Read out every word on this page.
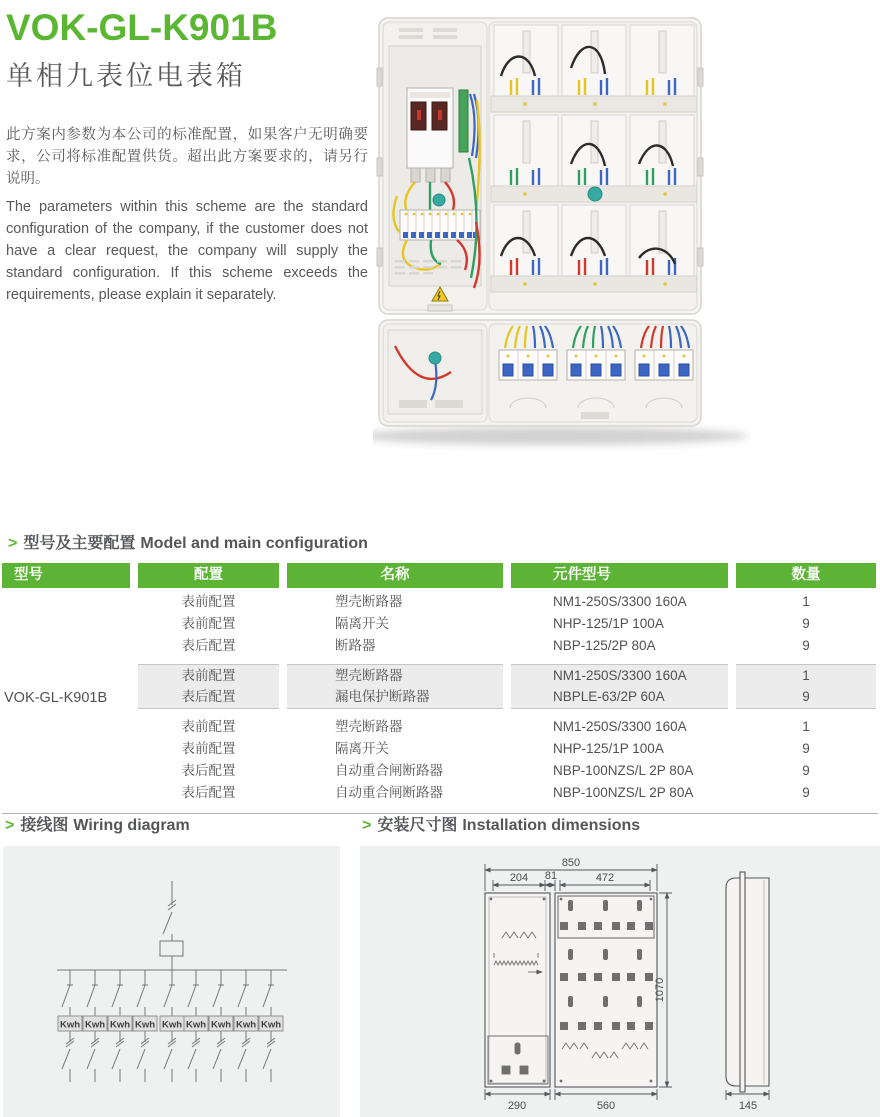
VOK-GL-K901B
单相九表位电表箱
此方案内参数为本公司的标准配置，如果客户无明确要求，公司将标准配置供货。超出此方案要求的，请另行说明。
The parameters within this scheme are the standard configuration of the company, if the customer does not have a clear request, the company will supply the standard configuration. If this scheme exceeds the requirements, please explain it separately.
> 型号及主要配置 Model and main configuration
型号	配置	名称	元件型号	数量
VOK-GL-K901B
表前配置	塑壳断路器	NM1-250S/3300 160A	1
表前配置	隔离开关	NHP-125/1P 100A	9
表后配置	断路器	NBP-125/2P 80A	9
表前配置	塑壳断路器	NM1-250S/3300 160A	1
表后配置	漏电保护断路器	NBPLE-63/2P 60A	9
表前配置	塑壳断路器	NM1-250S/3300 160A	1
表前配置	隔离开关	NHP-125/1P 100A	9
表后配置	自动重合闸断路器	NBP-100NZS/L 2P 80A	9
表后配置	自动重合闸断路器	NBP-100NZS/L 2P 80A	9
> 接线图 Wiring diagram	> 安装尺寸图 Installation dimensions
Kwh Kwh Kwh Kwh Kwh Kwh Kwh Kwh Kwh
850
204 81	472
1070
290	560	145
